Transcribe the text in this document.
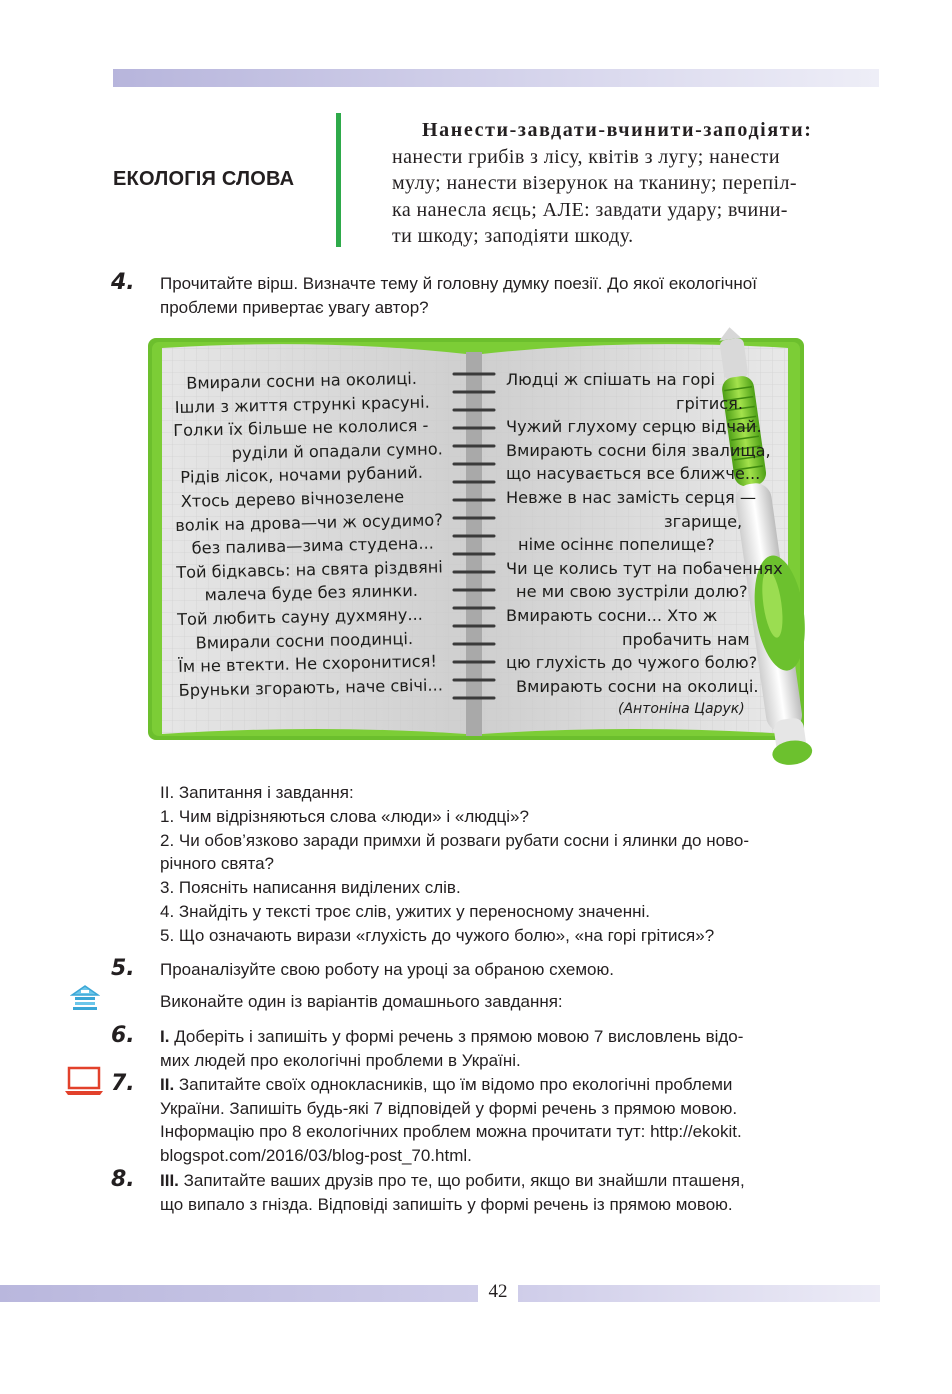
ЕКОЛОГІЯ СЛОВА
Нанести-завдати-вчинити-заподіяти:
нанести грибів з лісу, квітів з лугу; нанести
мулу; нанести візерунок на тканину; перепіл-
ка нанесла яєць; АЛЕ: завдати удару; вчини-
ти шкоду; заподіяти шкоду.
4. Прочитайте вірш. Визначте тему й головну думку поезії. До якої екологічної
проблеми привертає увагу автор?
Вмирали сосни на околиці.
Ішли з життя стрункі красуні.
Голки їх більше не кололися -
руділи й опадали сумно.
Рідів лісок, ночами рубаний.
Хтось дерево вічнозелене
волік на дрова—чи ж осудимо?
без палива—зима студена...
Той бідкавсь: на свята різдвяні
малеча буде без ялинки.
Той любить сауну духмяну...
Вмирали сосни поодинці.
Їм не втекти. Не схоронитися!
Бруньки згорають, наче свічі...
Людці ж спішать на горі
грітися.
Чужий глухому серцю відчай.
Вмирають сосни біля звалища,
що насувається все ближче...
Невже в нас замість серця —
згарище,
німе осіннє попелище?
Чи це колись тут на побаченнях
не ми свою зустріли долю?
Вмирають сосни... Хто ж
пробачить нам
цю глухість до чужого болю?
Вмирають сосни на околиці.
(Антоніна Царук)
II. Запитання і завдання:
1. Чим відрізняються слова «люди» і «людці»?
2. Чи обов’язково заради примхи й розваги рубати сосни і ялинки до ново-
річного свята?
3. Поясніть написання виділених слів.
4. Знайдіть у тексті троє слів, ужитих у переносному значенні.
5. Що означають вирази «глухість до чужого болю», «на горі грітися»?
5. Проаналізуйте свою роботу на уроці за обраною схемою.
Виконайте один із варіантів домашнього завдання:
6. I. Доберіть і запишіть у формі речень з прямою мовою 7 висловлень відо-
мих людей про екологічні проблеми в Україні.
7. II. Запитайте своїх однокласників, що їм відомо про екологічні проблеми
України. Запишіть будь-які 7 відповідей у формі речень з прямою мовою.
Інформацію про 8 екологічних проблем можна прочитати тут: http://ekokit.
blogspot.com/2016/03/blog-post_70.html.
8. III. Запитайте ваших друзів про те, що робити, якщо ви знайшли пташеня,
що випало з гнізда. Відповіді запишіть у формі речень із прямою мовою.
42
